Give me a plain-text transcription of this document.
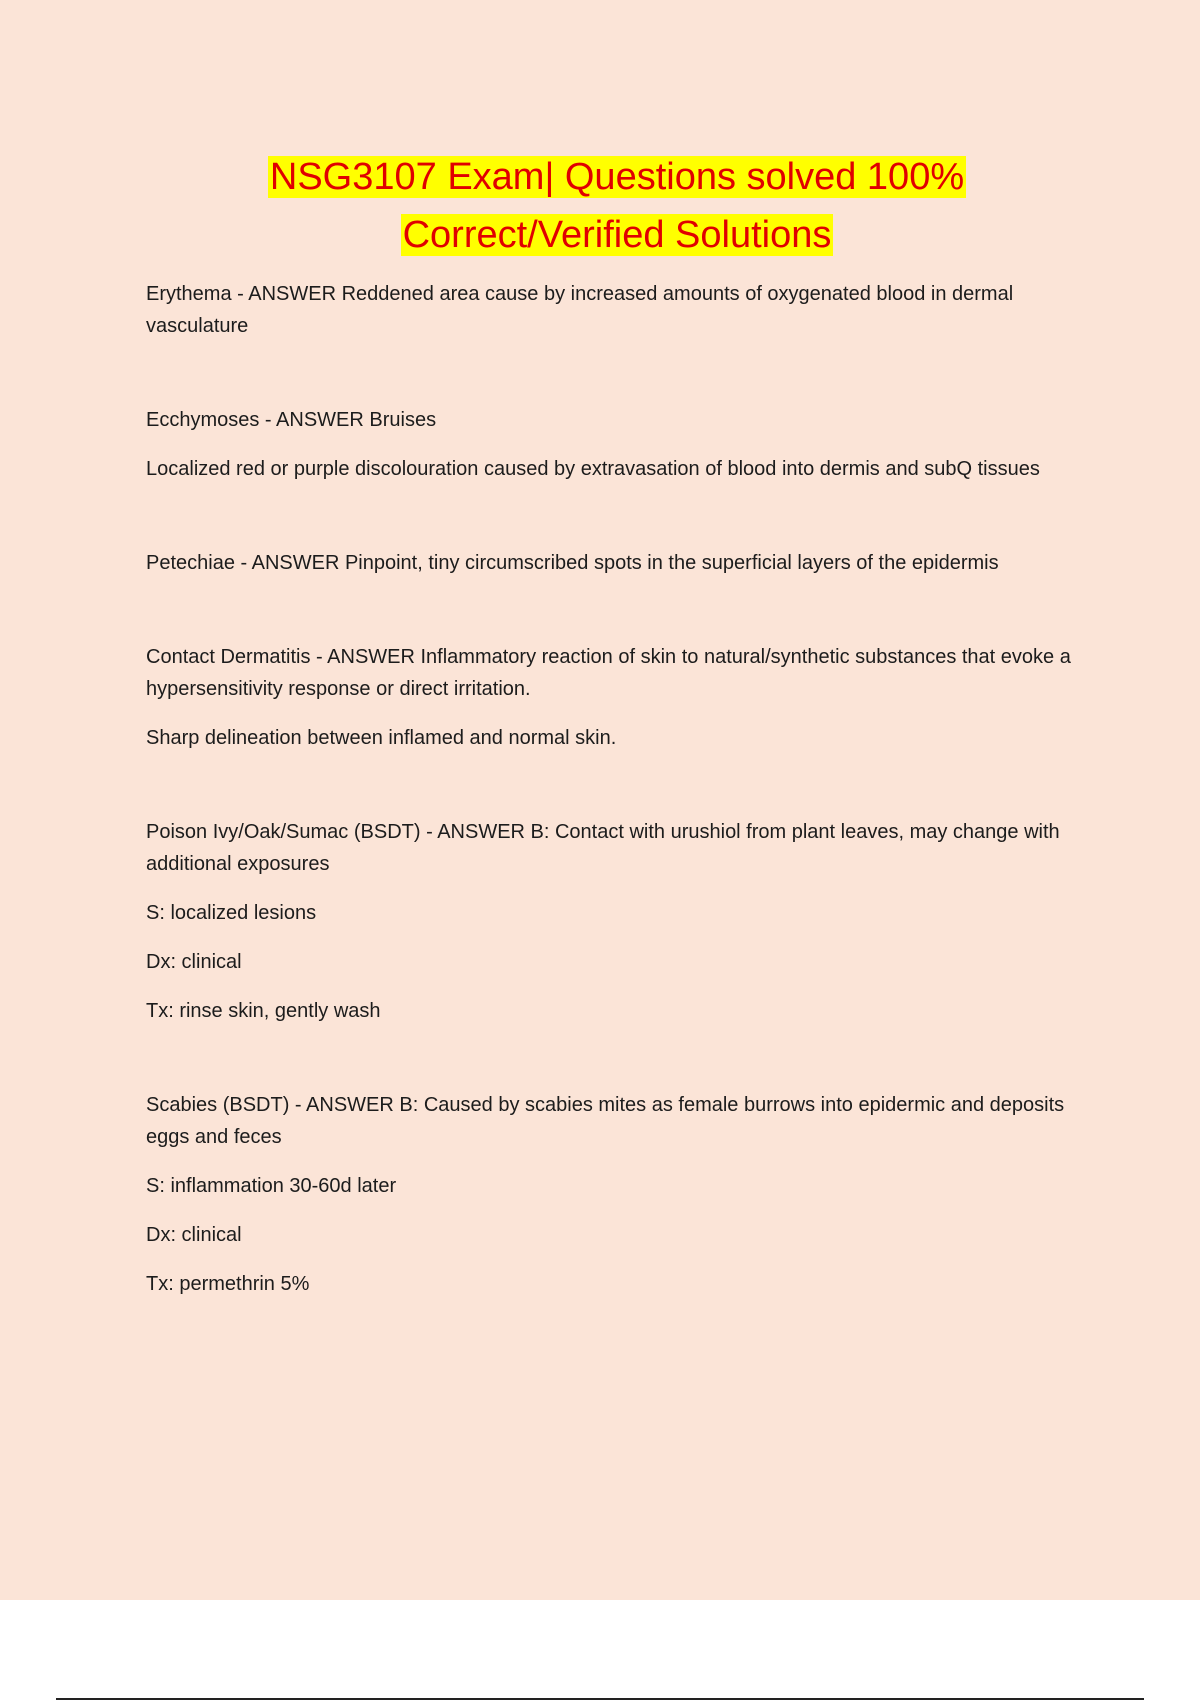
NSG3107 Exam| Questions solved 100%
Correct/Verified Solutions

Erythema - ANSWER Reddened area cause by increased amounts of oxygenated blood in dermal vasculature

Ecchymoses - ANSWER Bruises

Localized red or purple discolouration caused by extravasation of blood into dermis and subQ tissues

Petechiae - ANSWER Pinpoint, tiny circumscribed spots in the superficial layers of the epidermis

Contact Dermatitis - ANSWER Inflammatory reaction of skin to natural/synthetic substances that evoke a hypersensitivity response or direct irritation.

Sharp delineation between inflamed and normal skin.

Poison Ivy/Oak/Sumac (BSDT) - ANSWER B: Contact with urushiol from plant leaves, may change with additional exposures

S: localized lesions

Dx: clinical

Tx: rinse skin, gently wash

Scabies (BSDT) - ANSWER B: Caused by scabies mites as female burrows into epidermic and deposits eggs and feces

S: inflammation 30-60d later

Dx: clinical

Tx: permethrin 5%
